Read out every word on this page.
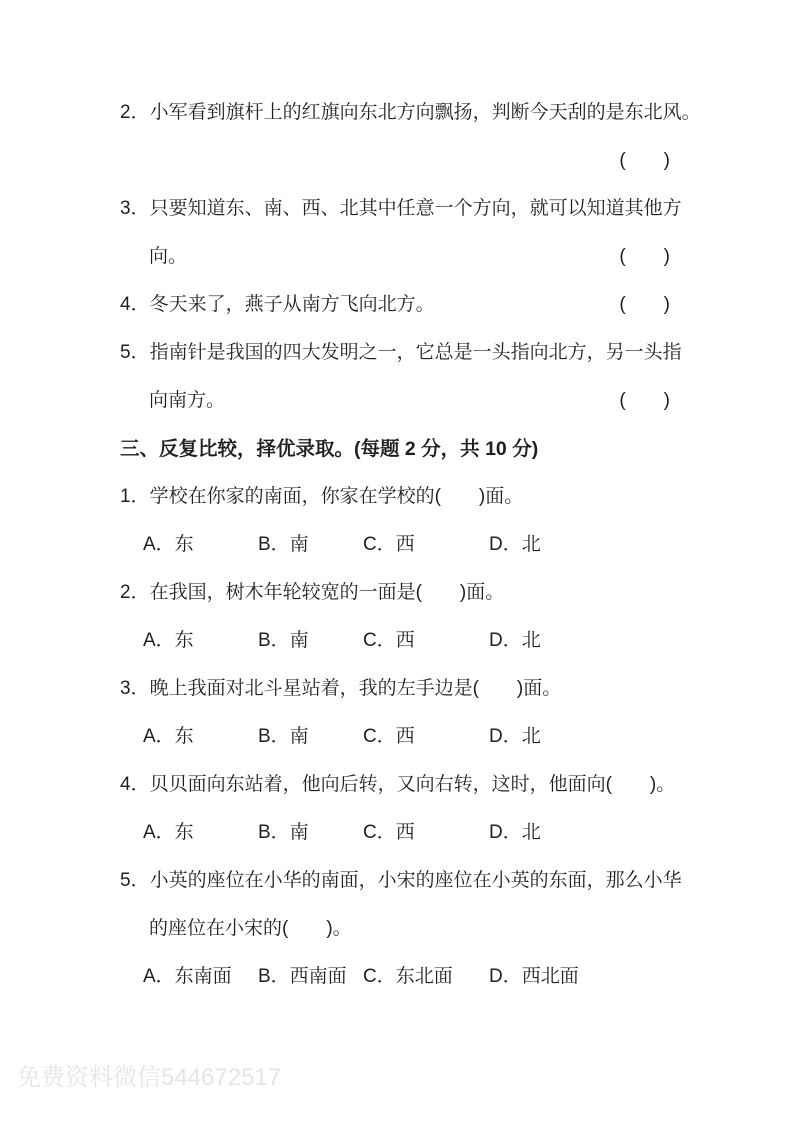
2．小军看到旗杆上的红旗向东北方向飘扬，判断今天刮的是东北风。
(　　)
3．只要知道东、南、西、北其中任意一个方向，就可以知道其他方
向。	(　　)
4．冬天来了，燕子从南方飞向北方。	(　　)
5．指南针是我国的四大发明之一，它总是一头指向北方，另一头指
向南方。	(　　)
三、反复比较，择优录取。(每题 2 分，共 10 分)
1．学校在你家的南面，你家在学校的(　　)面。
A．东	B．南	C．西	D．北
2．在我国，树木年轮较宽的一面是(　　)面。
A．东	B．南	C．西	D．北
3．晚上我面对北斗星站着，我的左手边是(　　)面。
A．东	B．南	C．西	D．北
4．贝贝面向东站着，他向后转，又向右转，这时，他面向(　　)。
A．东	B．南	C．西	D．北
5．小英的座位在小华的南面，小宋的座位在小英的东面，那么小华
的座位在小宋的(　　)。
A．东南面	B．西南面 C．东北面	D．西北面
免费资料微信544672517
